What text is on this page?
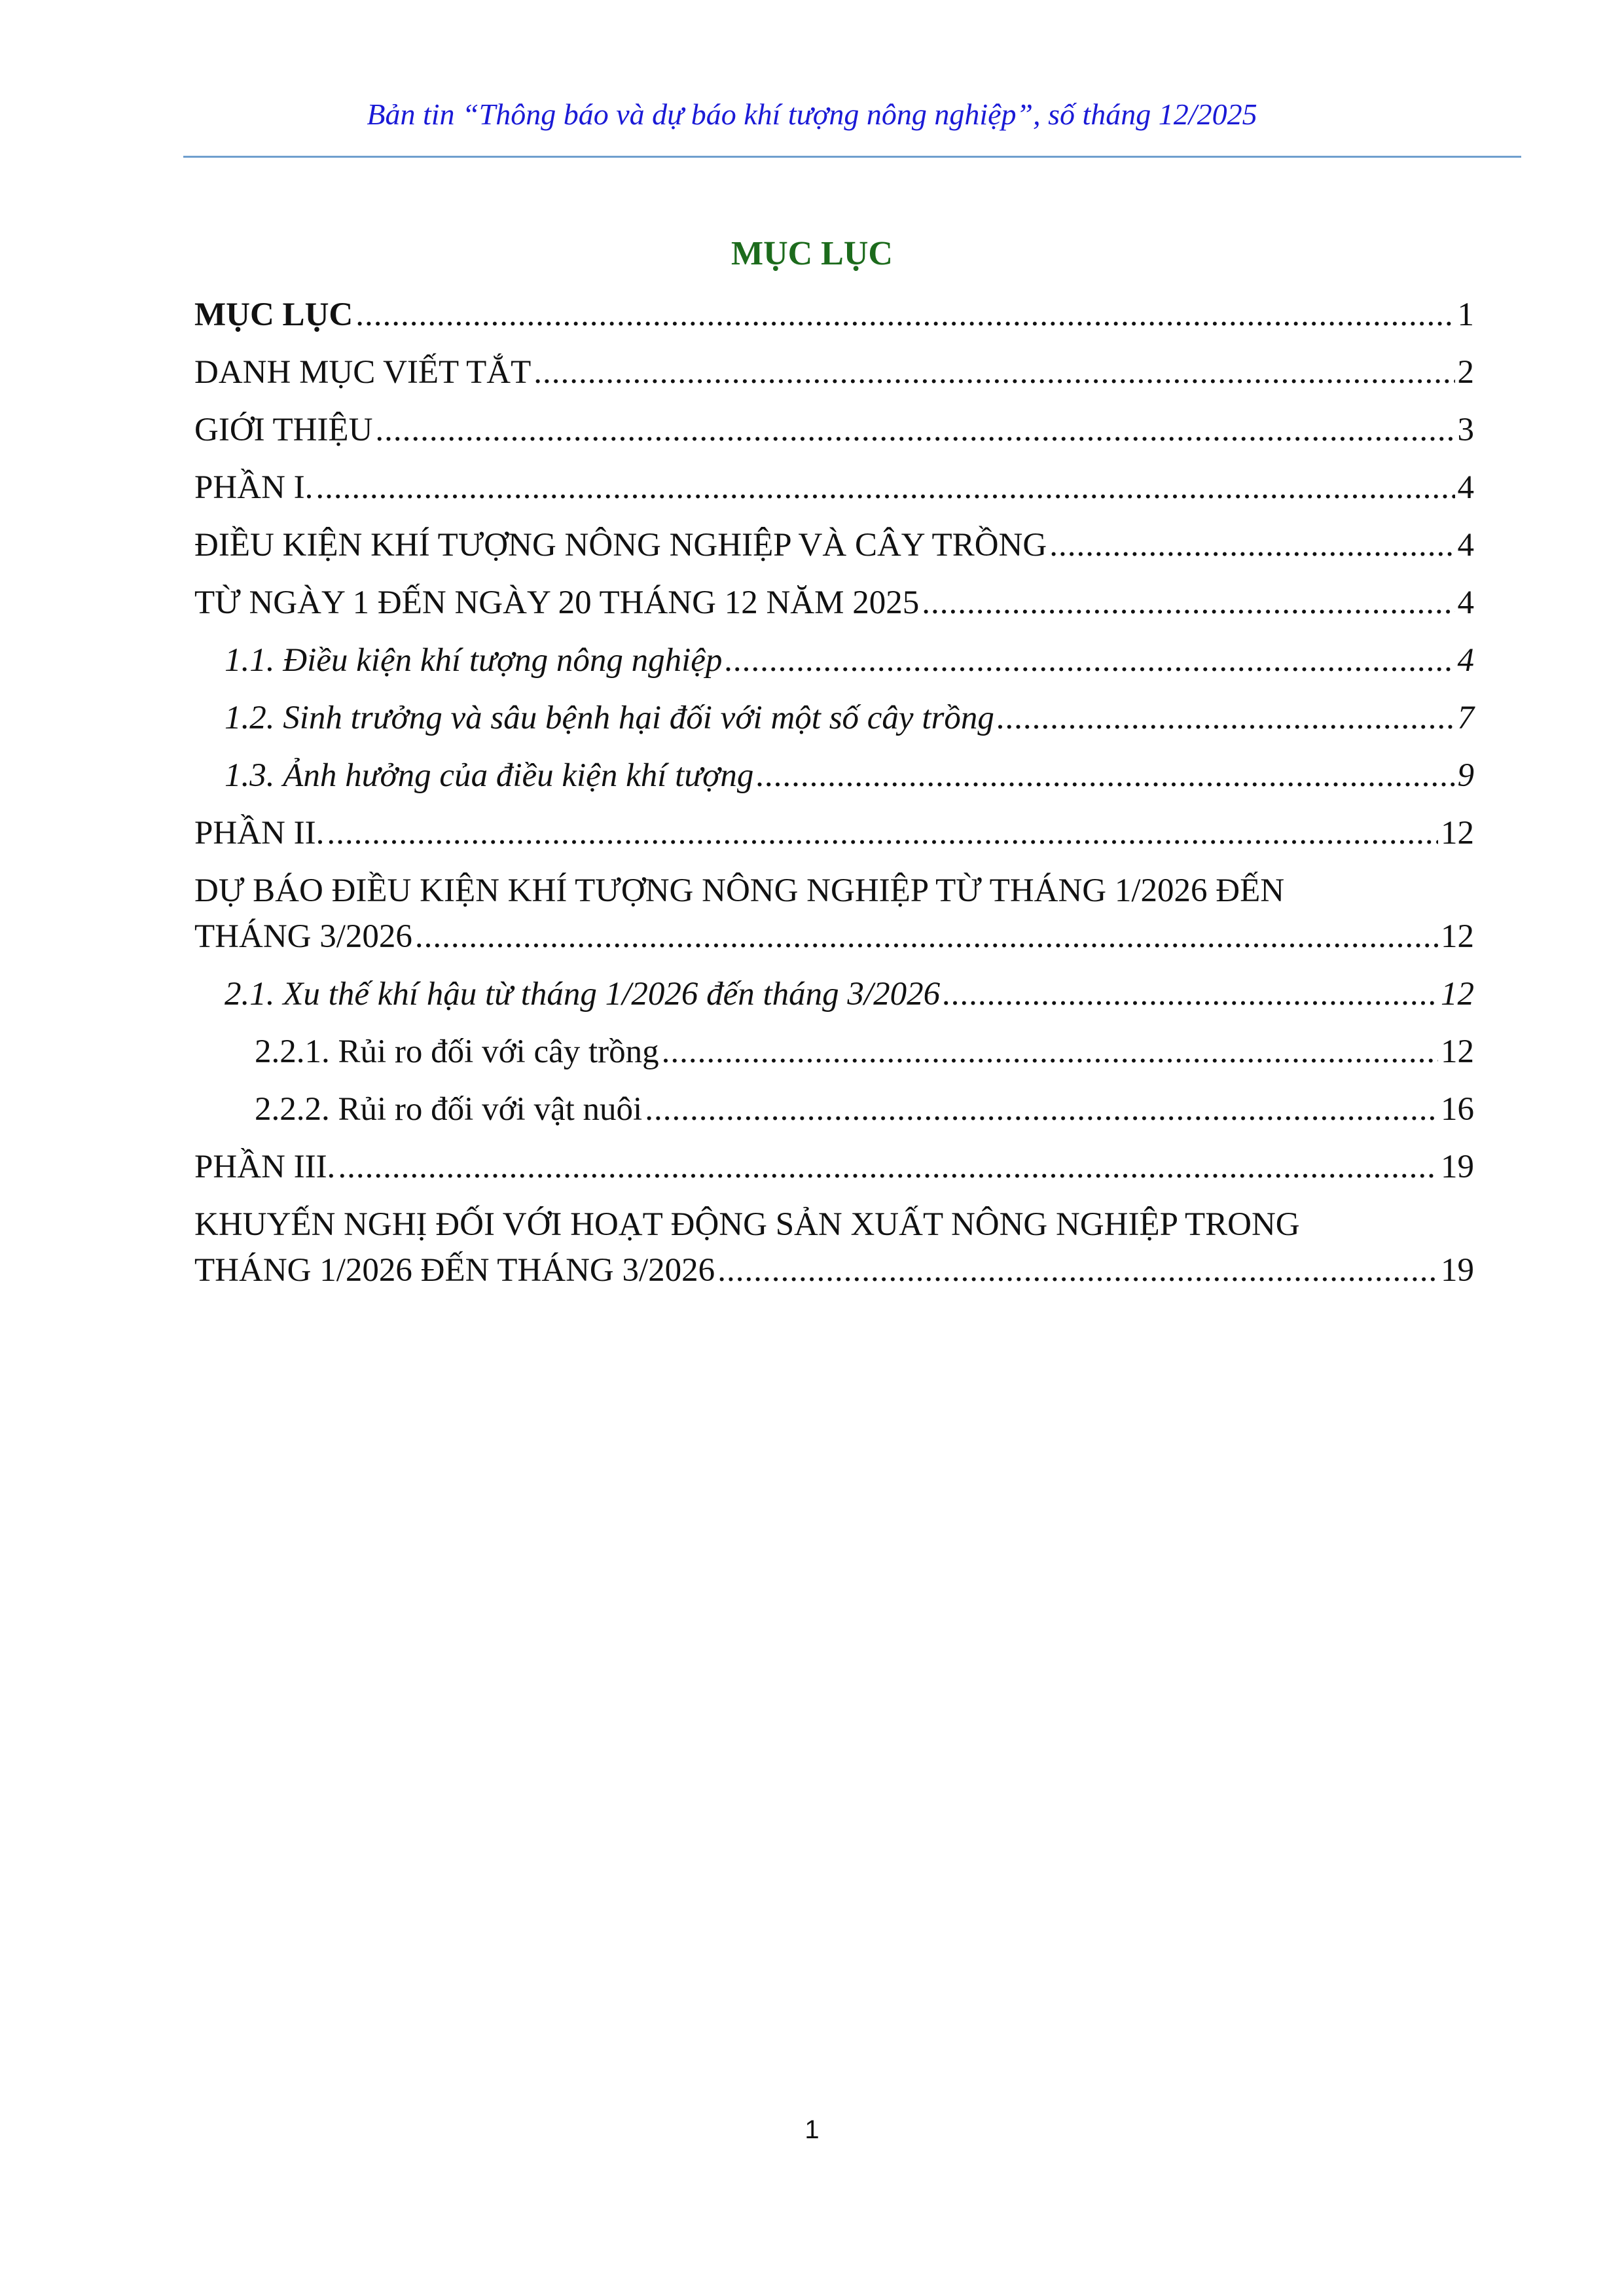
Bản tin “Thông báo và dự báo khí tượng nông nghiệp”, số tháng 12/2025
MỤC LỤC
MỤC LỤC .....	1
DANH MỤC VIẾT TẮT .....	2
GIỚI THIỆU .....	3
PHẦN I. .....	4
ĐIỀU KIỆN KHÍ TƯỢNG NÔNG NGHIỆP VÀ CÂY TRỒNG .....	4
TỪ NGÀY 1 ĐẾN NGÀY 20 THÁNG 12 NĂM 2025 .....	4
1.1. Điều kiện khí tượng nông nghiệp .....	4
1.2. Sinh trưởng và sâu bệnh hại đối với một số cây trồng .....	7
1.3. Ảnh hưởng của điều kiện khí tượng .....	9
PHẦN II. .....	12
DỰ BÁO ĐIỀU KIỆN KHÍ TƯỢNG NÔNG NGHIỆP TỪ THÁNG 1/2026 ĐẾN
THÁNG 3/2026 .....	12
2.1. Xu thế khí hậu từ tháng 1/2026 đến tháng 3/2026 .....	12
2.2.1. Rủi ro đối với cây trồng .....	12
2.2.2. Rủi ro đối với vật nuôi .....	16
PHẦN III. .....	19
KHUYẾN NGHỊ ĐỐI VỚI HOẠT ĐỘNG SẢN XUẤT NÔNG NGHIỆP TRONG
THÁNG 1/2026 ĐẾN THÁNG 3/2026 .....	19
1
